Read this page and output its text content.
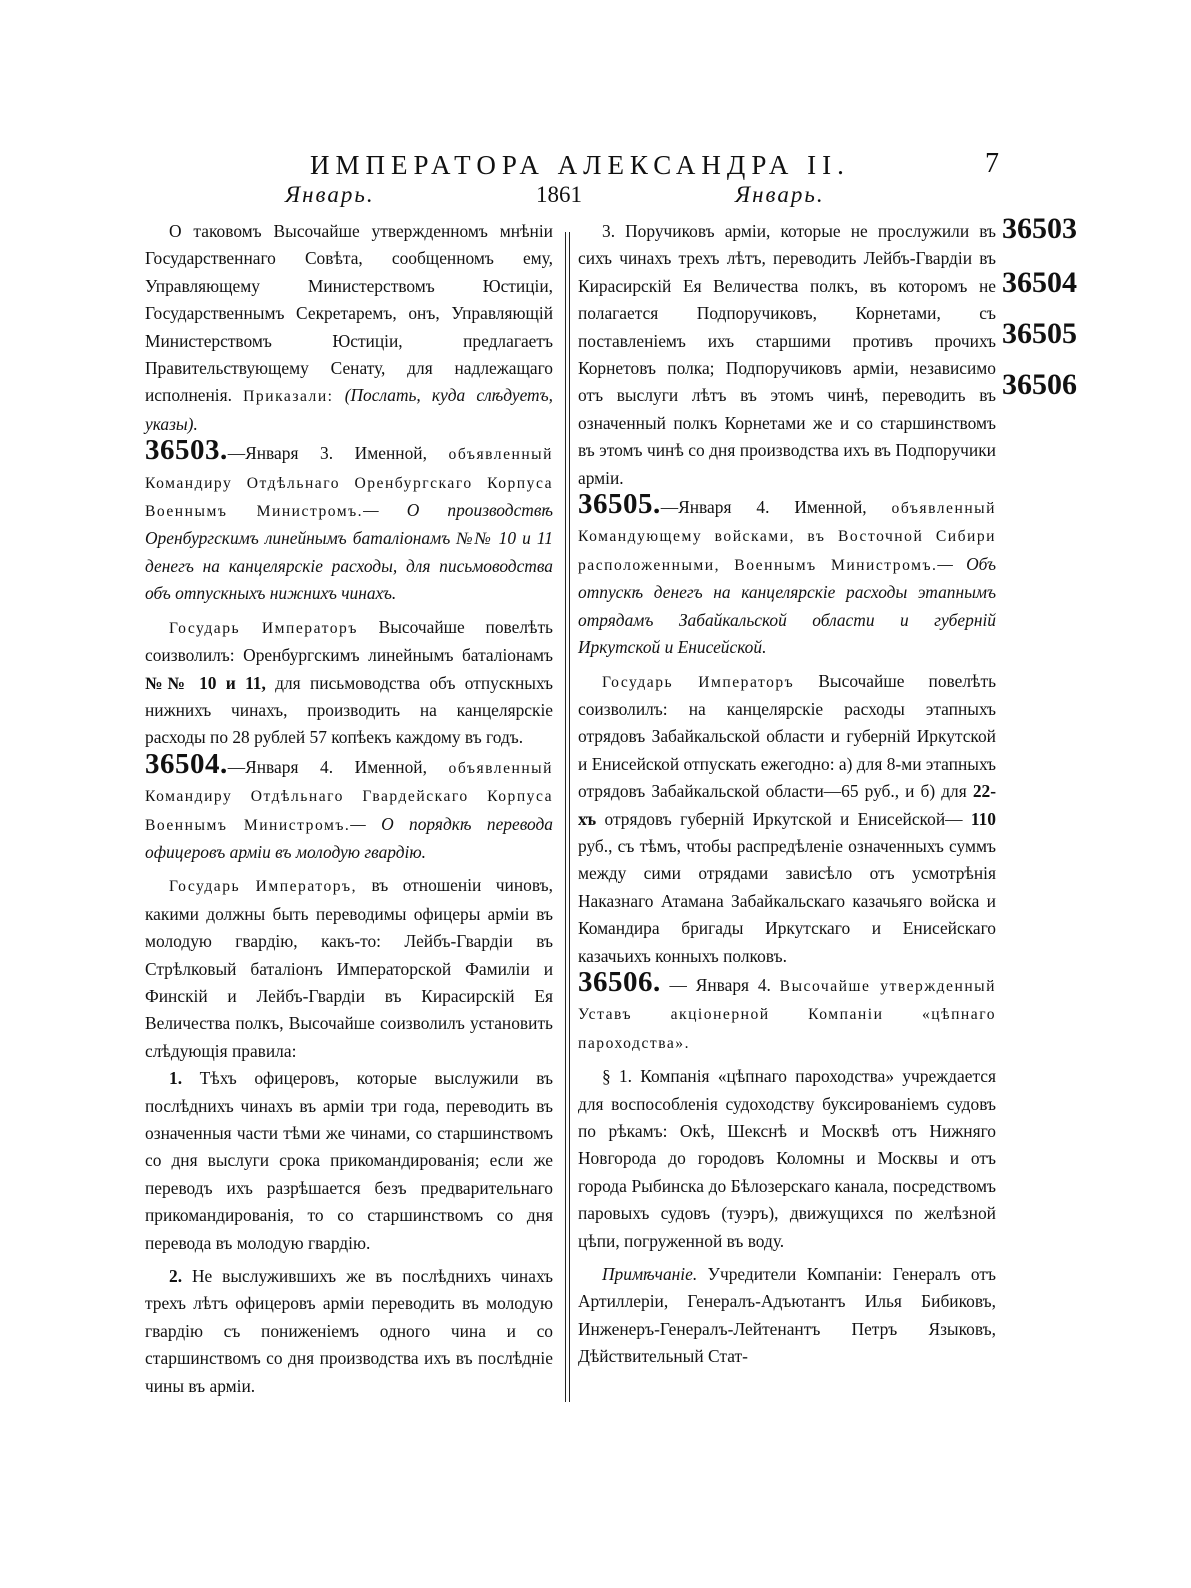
ИМПЕРАТОРА АЛЕКСАНДРА II.	7
Январь.	1861	Январь.

О таковомъ Высочайше утвержденномъ мнѣніи Государственнаго Совѣта, сообщенномъ ему, Управляющему Министерствомъ Юстиціи, Государственнымъ Секретаремъ, онъ, Управляющій Министерствомъ Юстиціи, предлагаетъ Правительствующему Сенату, для надлежащаго исполненія. Приказали: (Послать, куда слѣдуетъ, указы).

36503.—Января 3. Именной, объявленный Командиру Отдѣльнаго Оренбургскаго Корпуса Военнымъ Министромъ.— О производствѣ Оренбургскимъ линейнымъ баталіонамъ №№ 10 и 11 денегъ на канцелярскіе расходы, для письмоводства объ отпускныхъ нижнихъ чинахъ.

Государь Императоръ Высочайше повелѣть соизволилъ: Оренбургскимъ линейнымъ баталіонамъ №№ 10 и 11, для письмоводства объ отпускныхъ нижнихъ чинахъ, производить на канцелярскіе расходы по 28 рублей 57 копѣекъ каждому въ годъ.

36504.—Января 4. Именной, объявленный Командиру Отдѣльнаго Гвардейскаго Корпуса Военнымъ Министромъ.— О порядкѣ перевода офицеровъ арміи въ молодую гвардію.

Государь Императоръ, въ отношеніи чиновъ, какими должны быть переводимы офицеры арміи въ молодую гвардію, какъ-то: Лейбъ-Гвардіи въ Стрѣлковый баталіонъ Императорской Фамиліи и Финскій и Лейбъ-Гвардіи въ Кирасирскій Ея Величества полкъ, Высочайше соизволилъ установить слѣдующія правила:

1. Тѣхъ офицеровъ, которые выслужили въ послѣднихъ чинахъ въ арміи три года, переводить въ означенныя части тѣми же чинами, со старшинствомъ со дня выслуги срока прикомандированія; если же переводъ ихъ разрѣшается безъ предварительнаго прикомандированія, то со старшинствомъ со дня перевода въ молодую гвардію.

2. Не выслужившихъ же въ послѣднихъ чинахъ трехъ лѣтъ офицеровъ арміи переводить въ молодую гвардію съ пониженіемъ одного чина и со старшинствомъ со дня производства ихъ въ послѣдніе чины въ арміи.

3. Поручиковъ арміи, которые не прослужили въ сихъ чинахъ трехъ лѣтъ, переводить Лейбъ-Гвардіи въ Кирасирскій Ея Величества полкъ, въ которомъ не полагается Подпоручиковъ, Корнетами, съ поставленіемъ ихъ старшими противъ прочихъ Корнетовъ полка; Подпоручиковъ арміи, независимо отъ выслуги лѣтъ въ этомъ чинѣ, переводить въ означенный полкъ Корнетами же и со старшинствомъ въ этомъ чинѣ со дня производства ихъ въ Подпоручики арміи.

36505.—Января 4. Именной, объявленный Командующему войсками, въ Восточной Сибири расположенными, Военнымъ Министромъ.— Объ отпускѣ денегъ на канцелярскіе расходы этапнымъ отрядамъ Забайкальской области и губерній Иркутской и Енисейской.

Государь Императоръ Высочайше повелѣть соизволилъ: на канцелярскіе расходы этапныхъ отрядовъ Забайкальской области и губерній Иркутской и Енисейской отпускать ежегодно: а) для 8-ми этапныхъ отрядовъ Забайкальской области—65 руб., и б) для 22-хъ отрядовъ губерній Иркутской и Енисейской— 110 руб., съ тѣмъ, чтобы распредѣленіе означенныхъ суммъ между сими отрядами зависѣло отъ усмотрѣнія Наказнаго Атамана Забайкальскаго казачьяго войска и Командира бригады Иркутскаго и Енисейскаго казачьихъ конныхъ полковъ.

36506. — Января 4. Высочайше утвержденный Уставъ акціонерной Компаніи «цѣпнаго пароходства».

§ 1. Компанія «цѣпнаго пароходства» учреждается для воспособленія судоходству буксированіемъ судовъ по рѣкамъ: Окѣ, Шекснѣ и Москвѣ отъ Нижняго Новгорода до городовъ Коломны и Москвы и отъ города Рыбинска до Бѣлозерскаго канала, посредствомъ паровыхъ судовъ (туэръ), движущихся по желѣзной цѣпи, погруженной въ воду.

Примѣчаніе. Учредители Компаніи: Генералъ отъ Артиллеріи, Генералъ-Адъютантъ Илья Бибиковъ, Инженеръ-Генералъ-Лейтенантъ Петръ Языковъ, Дѣйствительный Стат-

36503
36504
36505
36506
